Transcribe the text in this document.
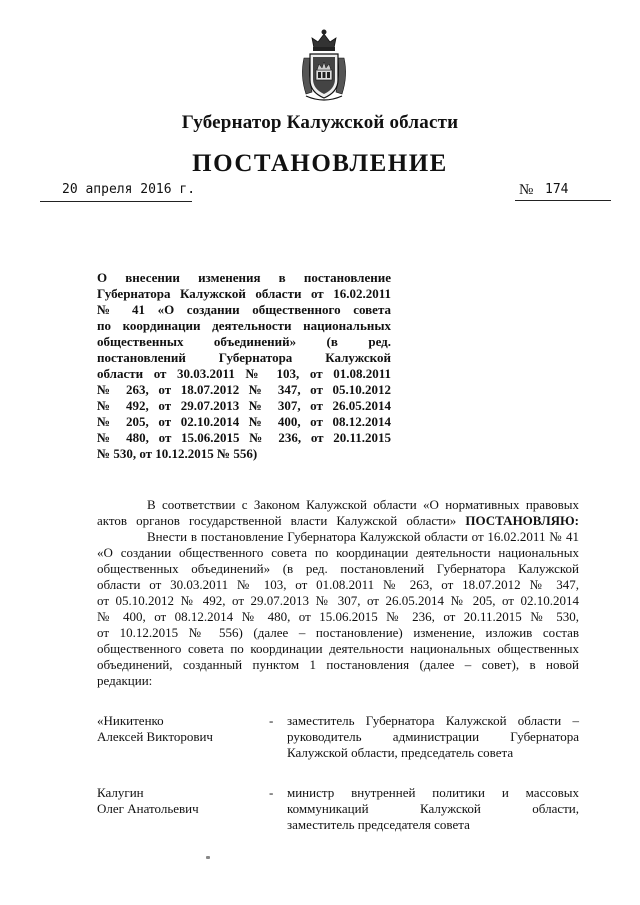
Губернатор Калужской области
ПОСТАНОВЛЕНИЕ
20 апреля 2016 г.	№ 174
О внесении изменения в постановление
Губернатора Калужской области от 16.02.2011
№ 41 «О создании общественного совета
по координации деятельности национальных
общественных объединений» (в ред.
постановлений Губернатора Калужской
области от 30.03.2011 № 103, от 01.08.2011
№ 263, от 18.07.2012 № 347, от 05.10.2012
№ 492, от 29.07.2013 № 307, от 26.05.2014
№ 205, от 02.10.2014 № 400, от 08.12.2014
№ 480, от 15.06.2015 № 236, от 20.11.2015
№ 530, от 10.12.2015 № 556)
В соответствии с Законом Калужской области «О нормативных правовых
актов органов государственной власти Калужской области» ПОСТАНОВЛЯЮ:
Внести в постановление Губернатора Калужской области от 16.02.2011 № 41
«О создании общественного совета по координации деятельности национальных
общественных объединений» (в ред. постановлений Губернатора Калужской
области от 30.03.2011 № 103, от 01.08.2011 № 263, от 18.07.2012 № 347,
от 05.10.2012 № 492, от 29.07.2013 № 307, от 26.05.2014 № 205, от 02.10.2014
№ 400, от 08.12.2014 № 480, от 15.06.2015 № 236, от 20.11.2015 № 530,
от 10.12.2015 № 556) (далее – постановление) изменение, изложив состав
общественного совета по координации деятельности национальных общественных
объединений, созданный пунктом 1 постановления (далее – совет), в новой
редакции:
«Никитенко
Алексей Викторович
- заместитель Губернатора Калужской области –
руководитель администрации Губернатора
Калужской области, председатель совета
Калугин
Олег Анатольевич
- министр внутренней политики и массовых
коммуникаций Калужской области,
заместитель председателя совета
